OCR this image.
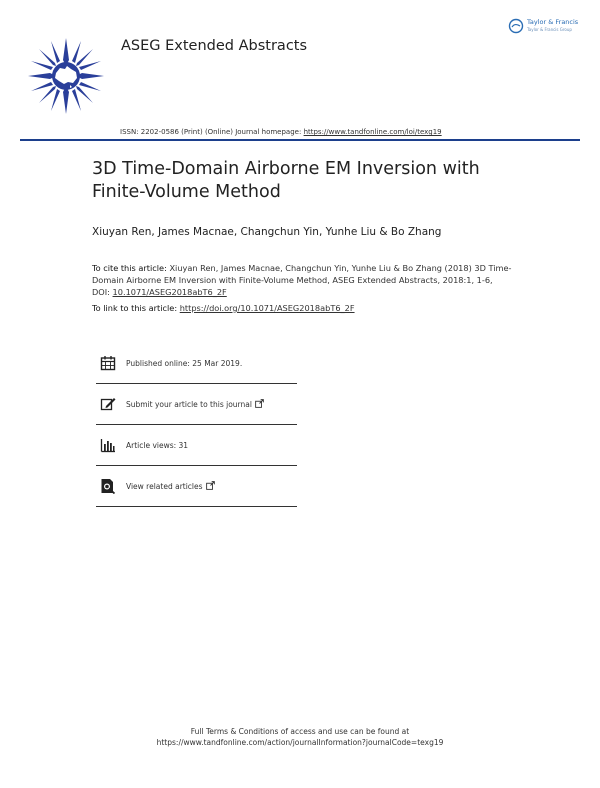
ASEG Extended Abstracts
Taylor & Francis
Taylor & Francis Group
ISSN: 2202-0586 (Print) (Online) Journal homepage: https://www.tandfonline.com/loi/texg19
3D Time-Domain Airborne EM Inversion with Finite-Volume Method
Xiuyan Ren, James Macnae, Changchun Yin, Yunhe Liu & Bo Zhang
To cite this article: Xiuyan Ren, James Macnae, Changchun Yin, Yunhe Liu & Bo Zhang (2018) 3D Time-Domain Airborne EM Inversion with Finite-Volume Method, ASEG Extended Abstracts, 2018:1, 1-6, DOI: 10.1071/ASEG2018abT6_2F
To link to this article: https://doi.org/10.1071/ASEG2018abT6_2F
Published online: 25 Mar 2019.
Submit your article to this journal
Article views: 31
View related articles
Full Terms & Conditions of access and use can be found at
https://www.tandfonline.com/action/journalInformation?journalCode=texg19
